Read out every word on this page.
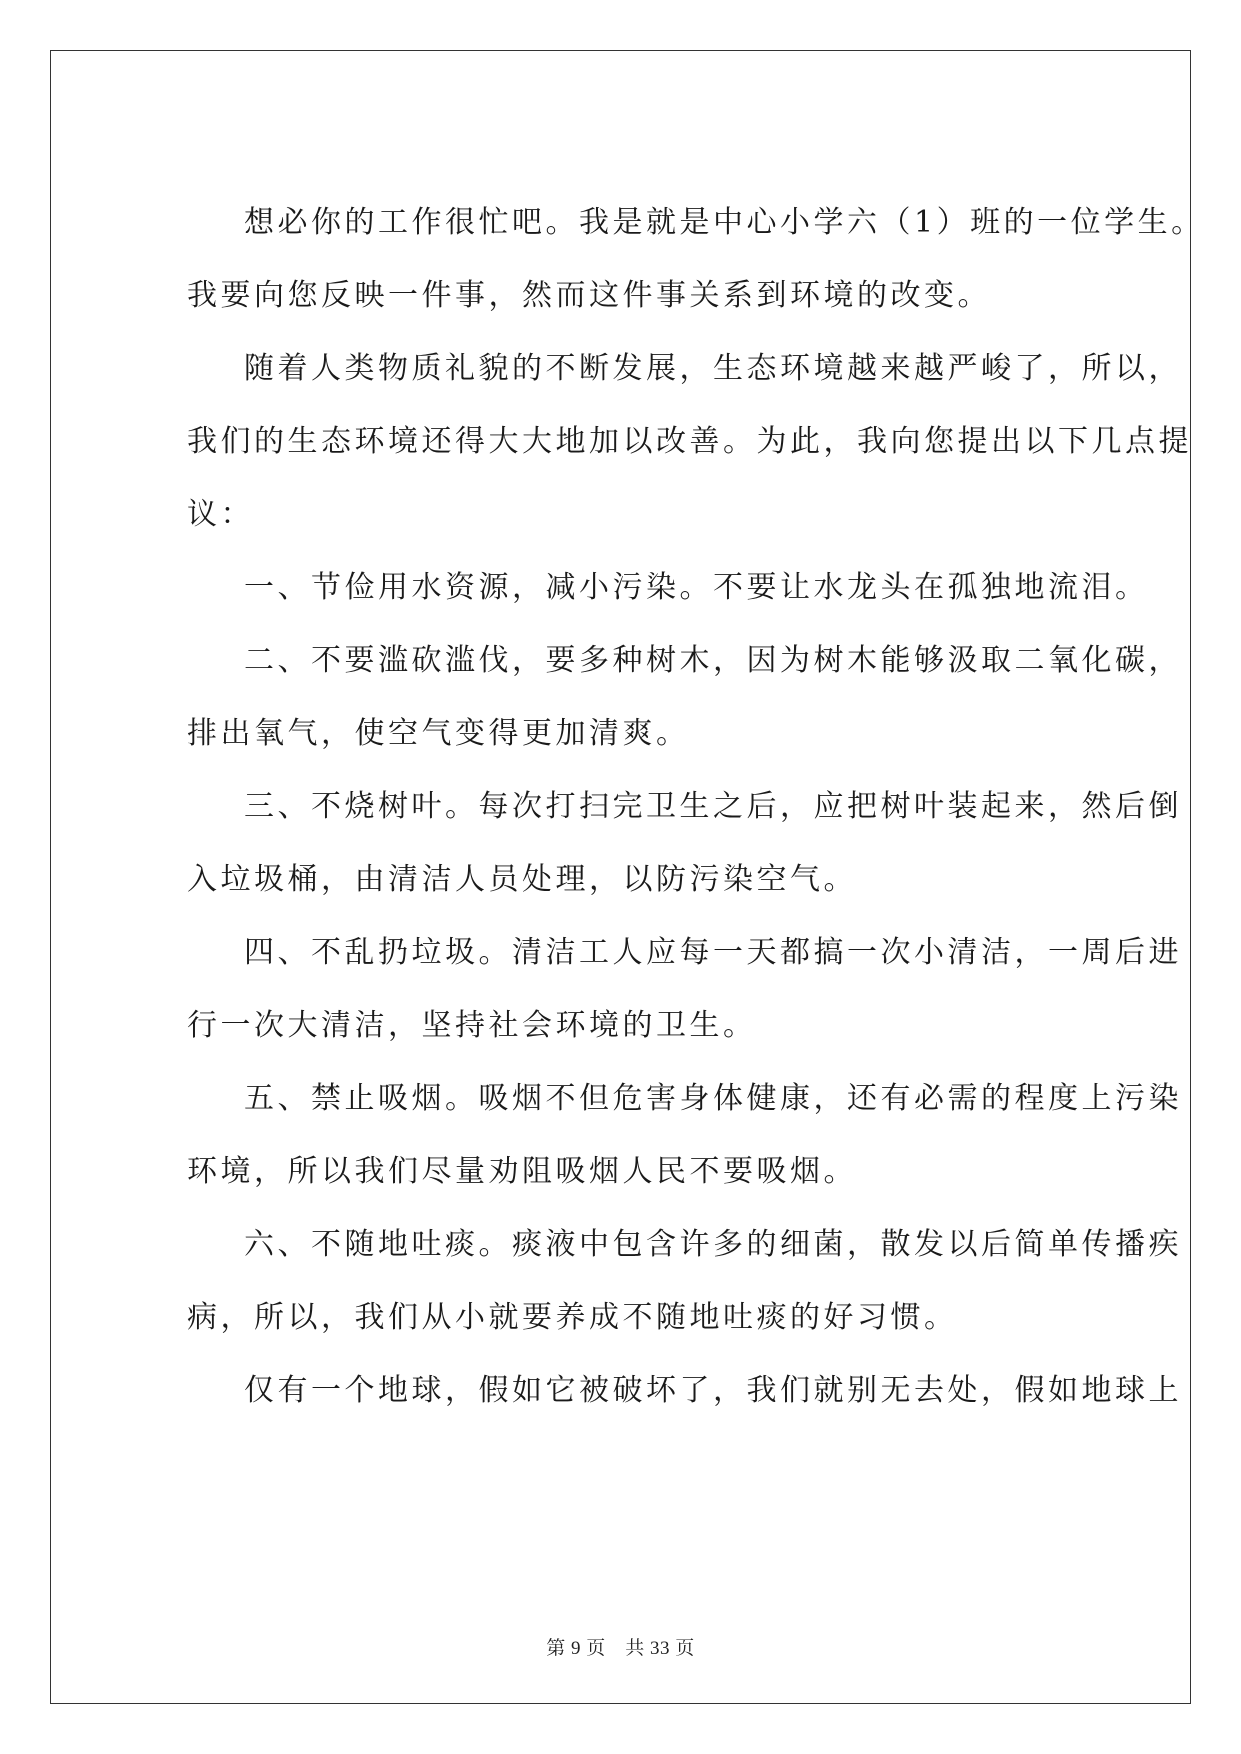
想必你的工作很忙吧。我是就是中心小学六（1）班的一位学生。
我要向您反映一件事，然而这件事关系到环境的改变。
随着人类物质礼貌的不断发展，生态环境越来越严峻了，所以，
我们的生态环境还得大大地加以改善。为此，我向您提出以下几点提
议：
一、节俭用水资源，减小污染。不要让水龙头在孤独地流泪。
二、不要滥砍滥伐，要多种树木，因为树木能够汲取二氧化碳，
排出氧气，使空气变得更加清爽。
三、不烧树叶。每次打扫完卫生之后，应把树叶装起来，然后倒
入垃圾桶，由清洁人员处理，以防污染空气。
四、不乱扔垃圾。清洁工人应每一天都搞一次小清洁，一周后进
行一次大清洁，坚持社会环境的卫生。
五、禁止吸烟。吸烟不但危害身体健康，还有必需的程度上污染
环境，所以我们尽量劝阻吸烟人民不要吸烟。
六、不随地吐痰。痰液中包含许多的细菌，散发以后简单传播疾
病，所以，我们从小就要养成不随地吐痰的好习惯。
仅有一个地球，假如它被破坏了，我们就别无去处，假如地球上
第 9 页　共 33 页
